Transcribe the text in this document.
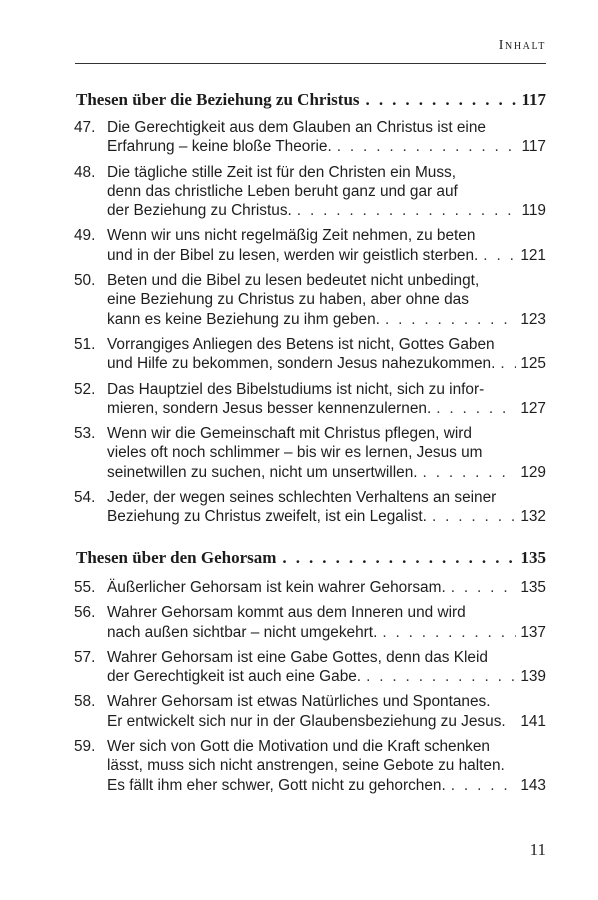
Inhalt
Thesen über die Beziehung zu Christus . . .	117
47. Die Gerechtigkeit aus dem Glauben an Christus ist eine
Erfahrung – keine bloße Theorie. . . .	117
48. Die tägliche stille Zeit ist für den Christen ein Muss,
denn das christliche Leben beruht ganz und gar auf
der Beziehung zu Christus. . . .	119
49. Wenn wir uns nicht regelmäßig Zeit nehmen, zu beten
und in der Bibel zu lesen, werden wir geistlich sterben. . . .	121
50. Beten und die Bibel zu lesen bedeutet nicht unbedingt,
eine Beziehung zu Christus zu haben, aber ohne das
kann es keine Beziehung zu ihm geben. . . .	123
51. Vorrangiges Anliegen des Betens ist nicht, Gottes Gaben
und Hilfe zu bekommen, sondern Jesus nahezukommen. . . . 125
52. Das Hauptziel des Bibelstudiums ist nicht, sich zu infor-
mieren, sondern Jesus besser kennenzulernen. . . .	127
53. Wenn wir die Gemeinschaft mit Christus pflegen, wird
vieles oft noch schlimmer – bis wir es lernen, Jesus um
seinetwillen zu suchen, nicht um unsertwillen. . . .	129
54. Jeder, der wegen seines schlechten Verhaltens an seiner
Beziehung zu Christus zweifelt, ist ein Legalist. . . .	132
Thesen über den Gehorsam . . .	135
55. Äußerlicher Gehorsam ist kein wahrer Gehorsam. . . .	135
56. Wahrer Gehorsam kommt aus dem Inneren und wird
nach außen sichtbar – nicht umgekehrt. . . .	137
57. Wahrer Gehorsam ist eine Gabe Gottes, denn das Kleid
der Gerechtigkeit ist auch eine Gabe. . . .	139
58. Wahrer Gehorsam ist etwas Natürliches und Spontanes.
Er entwickelt sich nur in der Glaubensbeziehung zu Jesus. 141
59. Wer sich von Gott die Motivation und die Kraft schenken
lässt, muss sich nicht anstrengen, seine Gebote zu halten.
Es fällt ihm eher schwer, Gott nicht zu gehorchen. . . .	143
11
